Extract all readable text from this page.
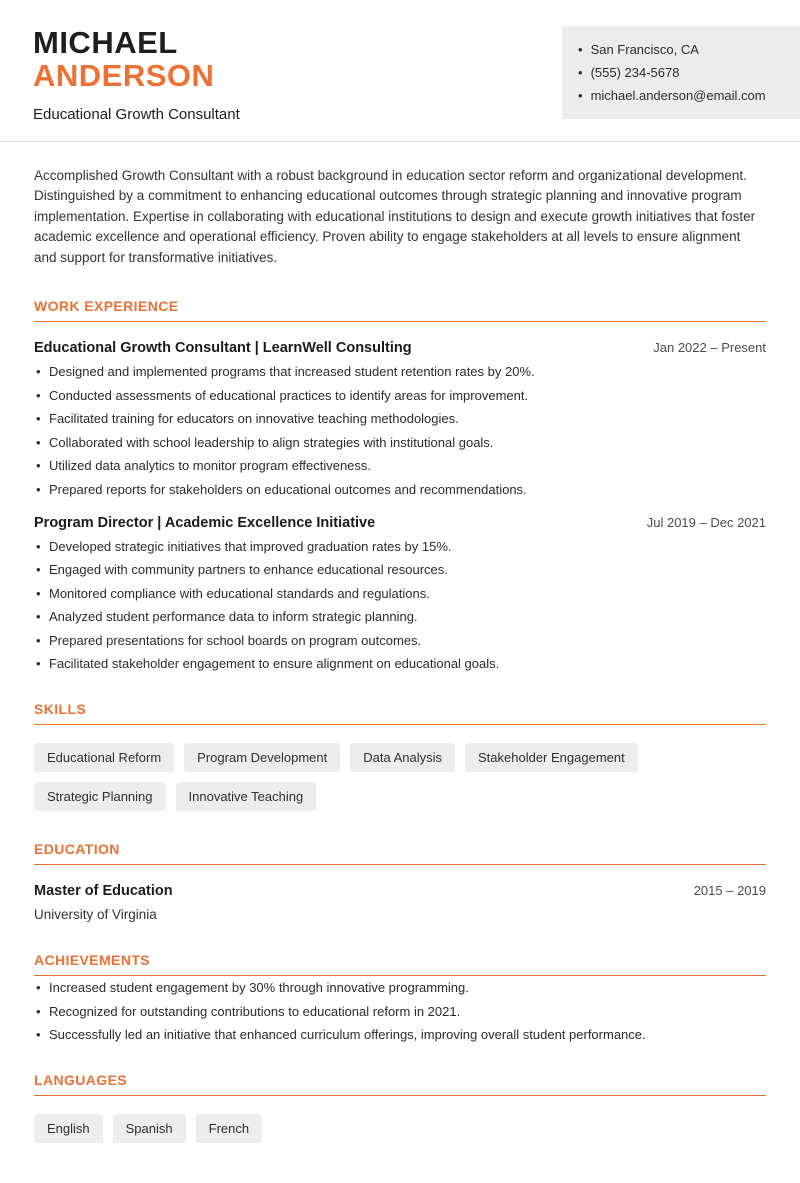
MICHAEL
ANDERSON
Educational Growth Consultant
• San Francisco, CA
• (555) 234-5678
• michael.anderson@email.com

Accomplished Growth Consultant with a robust background in education sector reform and organizational development. Distinguished by a commitment to enhancing educational outcomes through strategic planning and innovative program implementation. Expertise in collaborating with educational institutions to design and execute growth initiatives that foster academic excellence and operational efficiency. Proven ability to engage stakeholders at all levels to ensure alignment and support for transformative initiatives.

WORK EXPERIENCE
Educational Growth Consultant | LearnWell Consulting	Jan 2022 – Present
• Designed and implemented programs that increased student retention rates by 20%.
• Conducted assessments of educational practices to identify areas for improvement.
• Facilitated training for educators on innovative teaching methodologies.
• Collaborated with school leadership to align strategies with institutional goals.
• Utilized data analytics to monitor program effectiveness.
• Prepared reports for stakeholders on educational outcomes and recommendations.
Program Director | Academic Excellence Initiative	Jul 2019 – Dec 2021
• Developed strategic initiatives that improved graduation rates by 15%.
• Engaged with community partners to enhance educational resources.
• Monitored compliance with educational standards and regulations.
• Analyzed student performance data to inform strategic planning.
• Prepared presentations for school boards on program outcomes.
• Facilitated stakeholder engagement to ensure alignment on educational goals.
SKILLS
Educational Reform	Program Development	Data Analysis	Stakeholder Engagement
Strategic Planning	Innovative Teaching
EDUCATION
Master of Education	2015 – 2019
University of Virginia
ACHIEVEMENTS
• Increased student engagement by 30% through innovative programming.
• Recognized for outstanding contributions to educational reform in 2021.
• Successfully led an initiative that enhanced curriculum offerings, improving overall student performance.
LANGUAGES
English	Spanish	French
